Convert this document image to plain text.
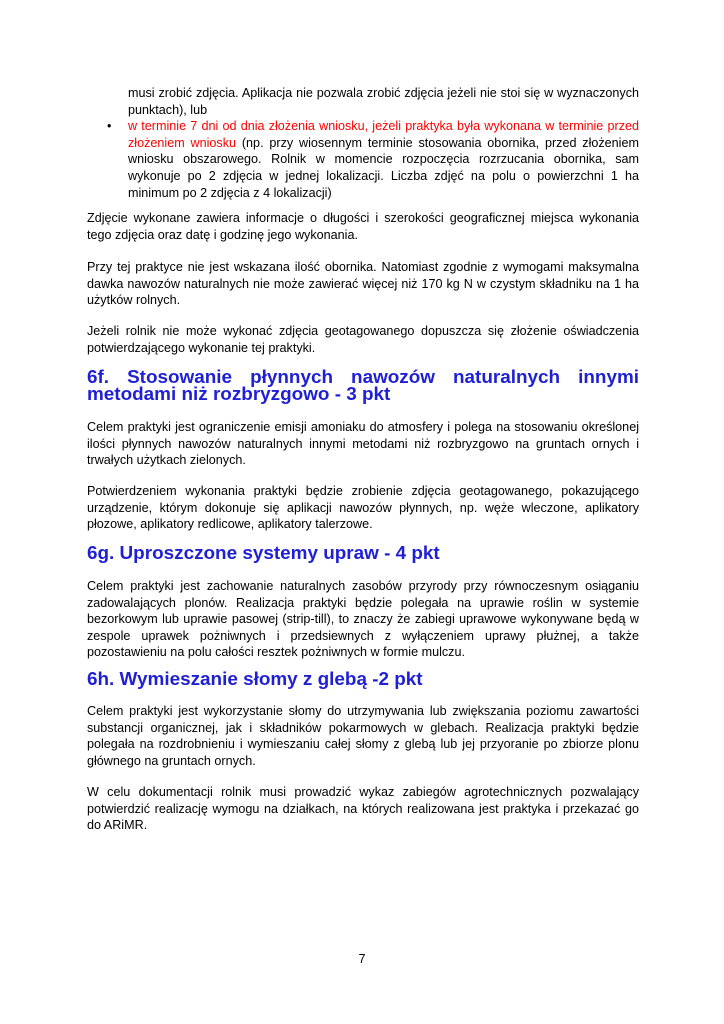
musi zrobić zdjęcia. Aplikacja nie pozwala zrobić zdjęcia jeżeli nie stoi się w wyznaczonych punktach), lub
• w terminie 7 dni od dnia złożenia wniosku, jeżeli praktyka była wykonana w terminie przed złożeniem wniosku (np. przy wiosennym terminie stosowania obornika, przed złożeniem wniosku obszarowego. Rolnik w momencie rozpoczęcia rozrzucania obornika, sam wykonuje po 2 zdjęcia w jednej lokalizacji. Liczba zdjęć na polu o powierzchni 1 ha minimum po 2 zdjęcia z 4 lokalizacji)

Zdjęcie wykonane zawiera informacje o długości i szerokości geograficznej miejsca wykonania tego zdjęcia oraz datę i godzinę jego wykonania.

Przy tej praktyce nie jest wskazana ilość obornika. Natomiast zgodnie z wymogami maksymalna dawka nawozów naturalnych nie może zawierać więcej niż 170 kg N w czystym składniku na 1 ha użytków rolnych.

Jeżeli rolnik nie może wykonać zdjęcia geotagowanego dopuszcza się złożenie oświadczenia potwierdzającego wykonanie tej praktyki.

6f. Stosowanie płynnych nawozów naturalnych innymi metodami niż rozbryzgowo - 3 pkt

Celem praktyki jest ograniczenie emisji amoniaku do atmosfery i polega na stosowaniu określonej ilości płynnych nawozów naturalnych innymi metodami niż rozbryzgowo na gruntach ornych i trwałych użytkach zielonych.

Potwierdzeniem wykonania praktyki będzie zrobienie zdjęcia geotagowanego, pokazującego urządzenie, którym dokonuje się aplikacji nawozów płynnych, np. węże wleczone, aplikatory płozowe, aplikatory redlicowe, aplikatory talerzowe.

6g. Uproszczone systemy upraw - 4 pkt

Celem praktyki jest zachowanie naturalnych zasobów przyrody przy równoczesnym osiąganiu zadowalających plonów. Realizacja praktyki będzie polegała na uprawie roślin w systemie bezorkowym lub uprawie pasowej (strip-till), to znaczy że zabiegi uprawowe wykonywane będą w zespole uprawek pożniwnych i przedsiewnych z wyłączeniem uprawy płużnej, a także pozostawieniu na polu całości resztek pożniwnych w formie mulczu.

6h. Wymieszanie słomy z glebą -2 pkt

Celem praktyki jest wykorzystanie słomy do utrzymywania lub zwiększania poziomu zawartości substancji organicznej, jak i składników pokarmowych w glebach. Realizacja praktyki będzie polegała na rozdrobnieniu i wymieszaniu całej słomy z glebą lub jej przyoranie po zbiorze plonu głównego na gruntach ornych.

W celu dokumentacji rolnik musi prowadzić wykaz zabiegów agrotechnicznych pozwalający potwierdzić realizację wymogu na działkach, na których realizowana jest praktyka i przekazać go do ARiMR.

7
